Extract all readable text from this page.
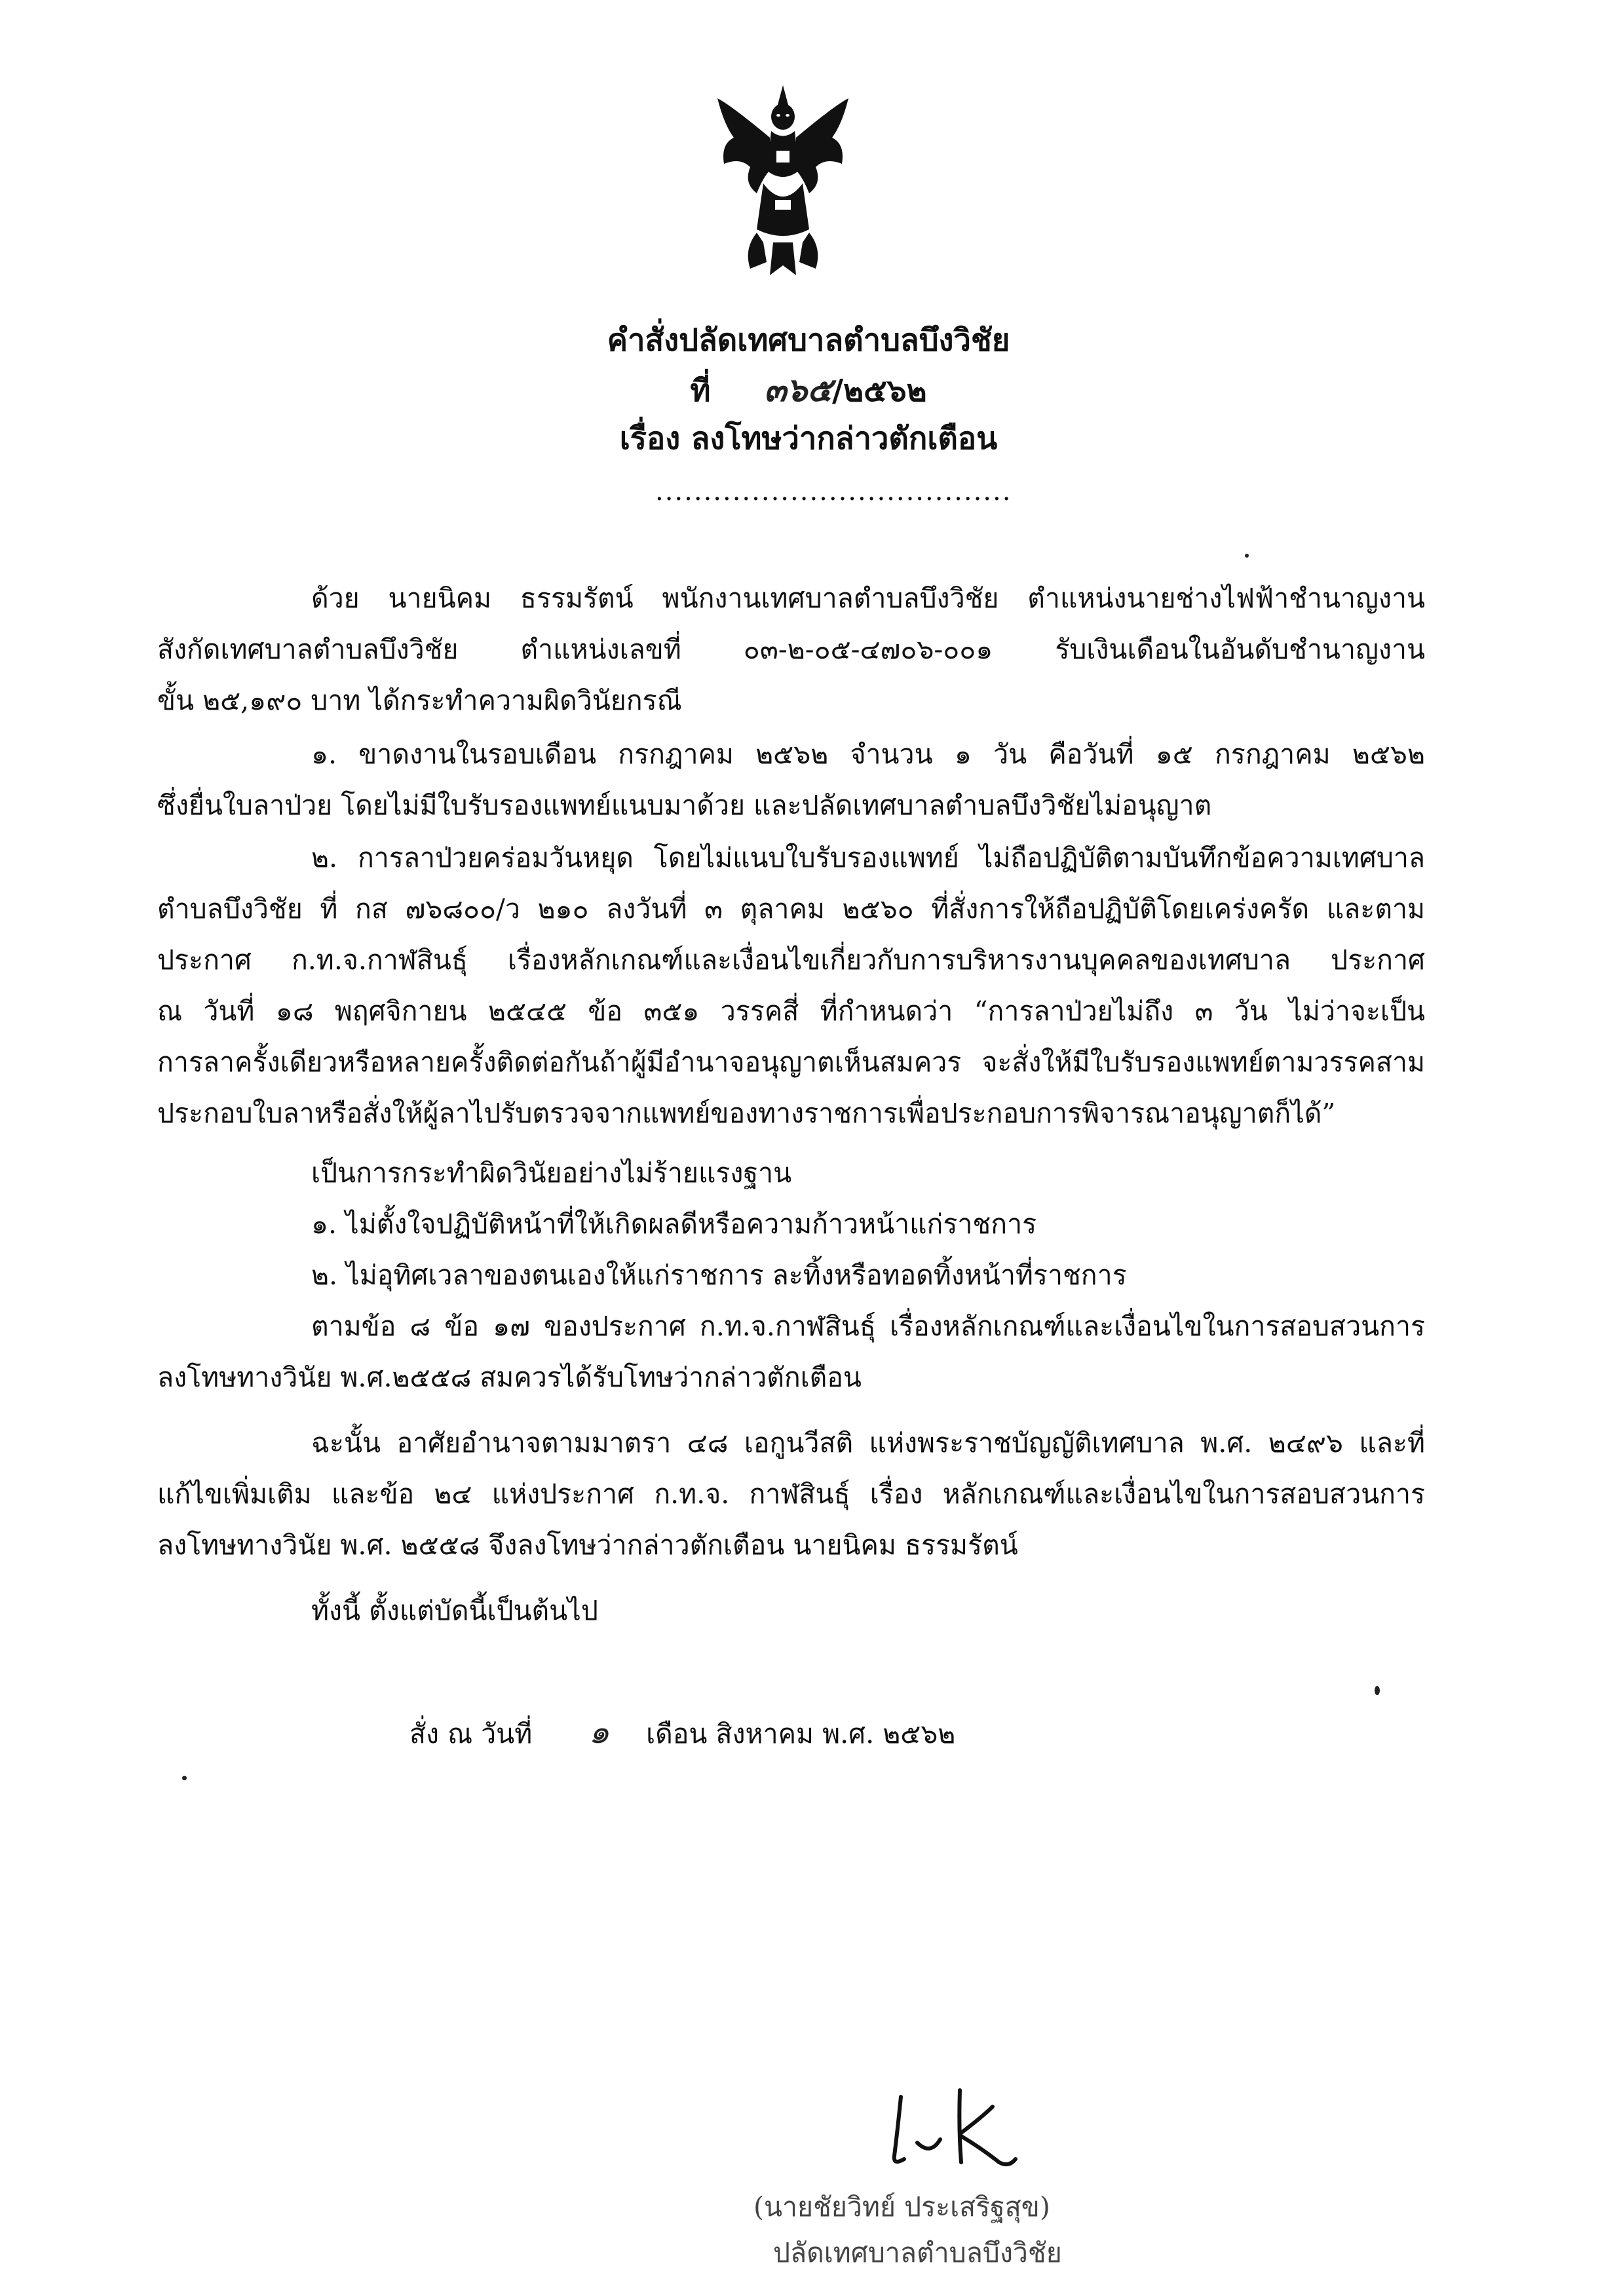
คำสั่งปลัดเทศบาลตำบลบึงวิชัย
ที่ ๓๖๕/๒๕๖๒
เรื่อง ลงโทษว่ากล่าวตักเตือน
.....................................
ด้วย นายนิคม ธรรมรัตน์ พนักงานเทศบาลตำบลบึงวิชัย ตำแหน่งนายช่างไฟฟ้าชำนาญงาน
สังกัดเทศบาลตำบลบึงวิชัย ตำแหน่งเลขที่ ๐๓-๒-๐๕-๔๗๐๖-๐๐๑ รับเงินเดือนในอันดับชำนาญงาน
ขั้น ๒๕,๑๙๐ บาท ได้กระทำความผิดวินัยกรณี
๑. ขาดงานในรอบเดือน กรกฎาคม ๒๕๖๒ จำนวน ๑ วัน คือวันที่ ๑๕ กรกฎาคม ๒๕๖๒
ซึ่งยื่นใบลาป่วย โดยไม่มีใบรับรองแพทย์แนบมาด้วย และปลัดเทศบาลตำบลบึงวิชัยไม่อนุญาต
๒. การลาป่วยคร่อมวันหยุด โดยไม่แนบใบรับรองแพทย์ ไม่ถือปฏิบัติตามบันทึกข้อความเทศบาล
ตำบลบึงวิชัย ที่ กส ๗๖๘๐๐/ว ๒๑๐ ลงวันที่ ๓ ตุลาคม ๒๕๖๐ ที่สั่งการให้ถือปฏิบัติโดยเคร่งครัด และตาม
ประกาศ ก.ท.จ.กาฬสินธุ์ เรื่องหลักเกณฑ์และเงื่อนไขเกี่ยวกับการบริหารงานบุคคลของเทศบาล ประกาศ
ณ วันที่ ๑๘ พฤศจิกายน ๒๕๔๕ ข้อ ๓๕๑ วรรคสี่ ที่กำหนดว่า “การลาป่วยไม่ถึง ๓ วัน ไม่ว่าจะเป็น
การลาครั้งเดียวหรือหลายครั้งติดต่อกันถ้าผู้มีอำนาจอนุญาตเห็นสมควร จะสั่งให้มีใบรับรองแพทย์ตามวรรคสาม
ประกอบใบลาหรือสั่งให้ผู้ลาไปรับตรวจจากแพทย์ของทางราชการเพื่อประกอบการพิจารณาอนุญาตก็ได้”
เป็นการกระทำผิดวินัยอย่างไม่ร้ายแรงฐาน
๑. ไม่ตั้งใจปฏิบัติหน้าที่ให้เกิดผลดีหรือความก้าวหน้าแก่ราชการ
๒. ไม่อุทิศเวลาของตนเองให้แก่ราชการ ละทิ้งหรือทอดทิ้งหน้าที่ราชการ
ตามข้อ ๘ ข้อ ๑๗ ของประกาศ ก.ท.จ.กาฬสินธุ์ เรื่องหลักเกณฑ์และเงื่อนไขในการสอบสวนการ
ลงโทษทางวินัย พ.ศ.๒๕๕๘ สมควรได้รับโทษว่ากล่าวตักเตือน
ฉะนั้น อาศัยอำนาจตามมาตรา ๔๘ เอกูนวีสติ แห่งพระราชบัญญัติเทศบาล พ.ศ. ๒๔๙๖ และที่
แก้ไขเพิ่มเติม และข้อ ๒๔ แห่งประกาศ ก.ท.จ. กาฬสินธุ์ เรื่อง หลักเกณฑ์และเงื่อนไขในการสอบสวนการ
ลงโทษทางวินัย พ.ศ. ๒๕๕๘ จึงลงโทษว่ากล่าวตักเตือน นายนิคม ธรรมรัตน์
ทั้งนี้ ตั้งแต่บัดนี้เป็นต้นไป
สั่ง ณ วันที่ ๑ เดือน สิงหาคม พ.ศ. ๒๕๖๒
(นายชัยวิทย์ ประเสริฐสุข)
ปลัดเทศบาลตำบลบึงวิชัย
